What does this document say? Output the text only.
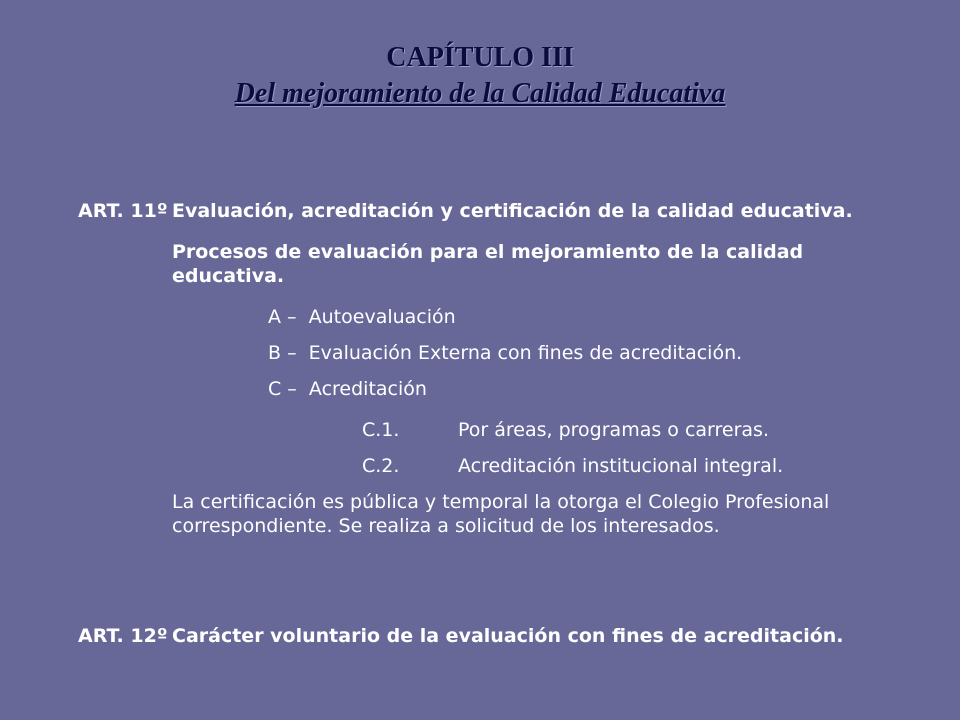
CAPÍTULO III
Del mejoramiento de la Calidad Educativa
ART. 11º Evaluación, acreditación y certificación de la calidad educativa.
Procesos de evaluación para el mejoramiento de la calidad educativa.
A – Autoevaluación
B – Evaluación Externa con fines de acreditación.
C – Acreditación
C.1.	Por áreas, programas o carreras.
C.2.	Acreditación institucional integral.
La certificación es pública y temporal la otorga el Colegio Profesional correspondiente. Se realiza a solicitud de los interesados.
ART. 12º Carácter voluntario de la evaluación con fines de acreditación.
